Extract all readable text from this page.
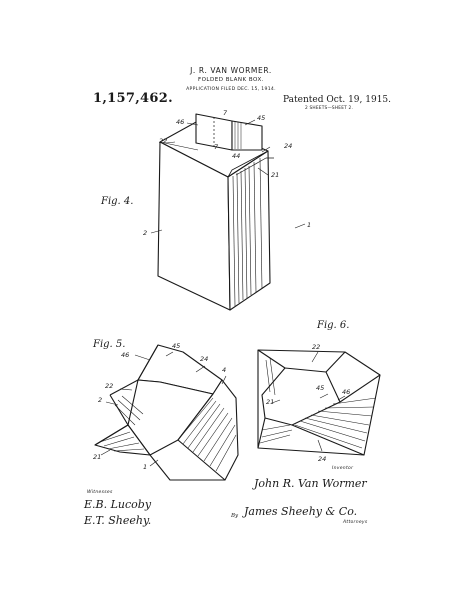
J. R. VAN WORMER.
FOLDED BLANK BOX.
APPLICATION FILED DEC. 15, 1914.
1,157,462.	Patented Oct. 19, 1915.
2 SHEETS—SHEET 2.
Fig. 4.
Fig. 5.
Fig. 6.
46
7
45
7
22
44
24
21
2
1
45
46	24
4
22
2
21
1
22
45	46
21
24
Witnesses
E.B. Lucoby
E.T. Sheehy.
Inventor
John R. Van Wormer
By James Sheehy & Co.
Attorneys
